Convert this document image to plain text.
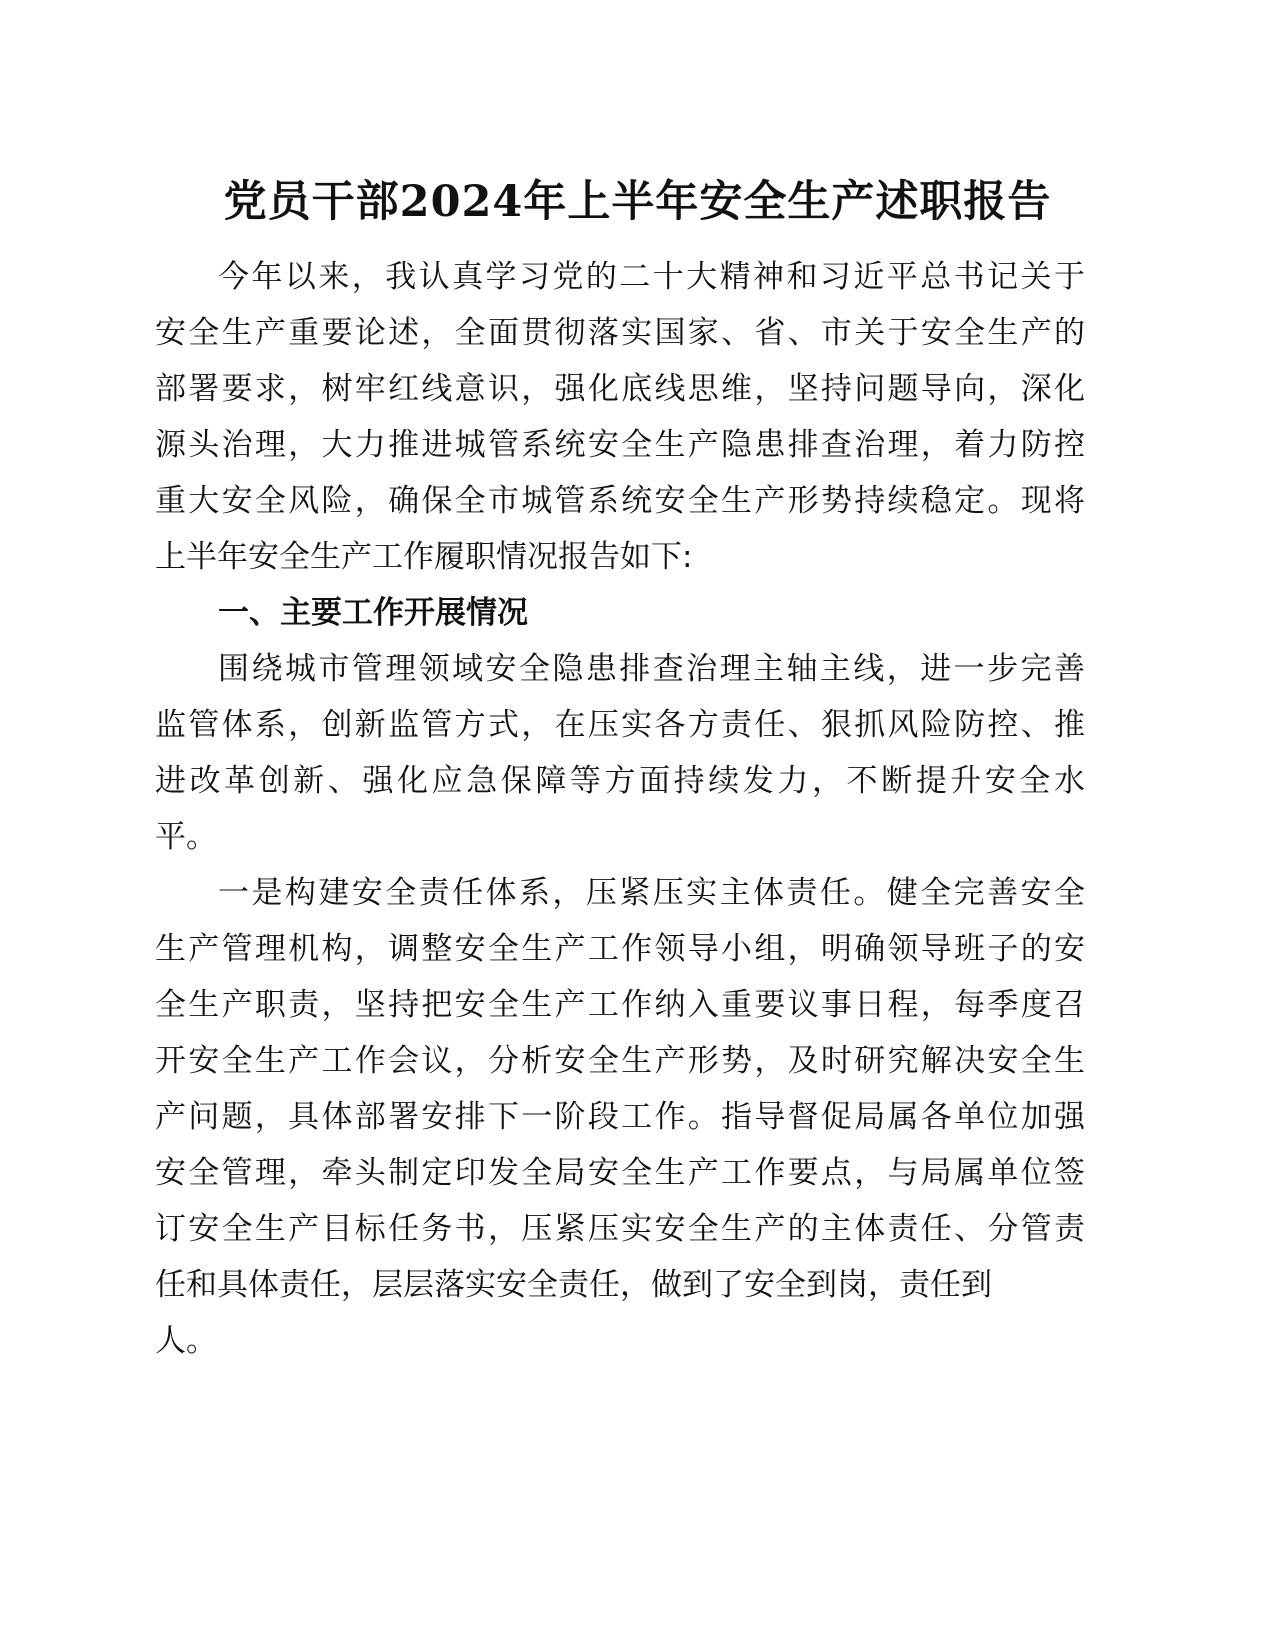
党员干部2024年上半年安全生产述职报告

今年以来，我认真学习党的二十大精神和习近平总书记关于

安全生产重要论述，全面贯彻落实国家、省、市关于安全生产的

部署要求，树牢红线意识，强化底线思维，坚持问题导向，深化

源头治理，大力推进城管系统安全生产隐患排查治理，着力防控

重大安全风险，确保全市城管系统安全生产形势持续稳定。现将

上半年安全生产工作履职情况报告如下:

一、主要工作开展情况

围绕城市管理领域安全隐患排查治理主轴主线，进一步完善

监管体系，创新监管方式，在压实各方责任、狠抓风险防控、推

进改革创新、强化应急保障等方面持续发力，不断提升安全水

平。

一是构建安全责任体系，压紧压实主体责任。健全完善安全

生产管理机构，调整安全生产工作领导小组，明确领导班子的安

全生产职责，坚持把安全生产工作纳入重要议事日程，每季度召

开安全生产工作会议，分析安全生产形势，及时研究解决安全生

产问题，具体部署安排下一阶段工作。指导督促局属各单位加强

安全管理，牵头制定印发全局安全生产工作要点，与局属单位签

订安全生产目标任务书，压紧压实安全生产的主体责任、分管责

任和具体责任，层层落实安全责任，做到了安全到岗，责任到

人。
